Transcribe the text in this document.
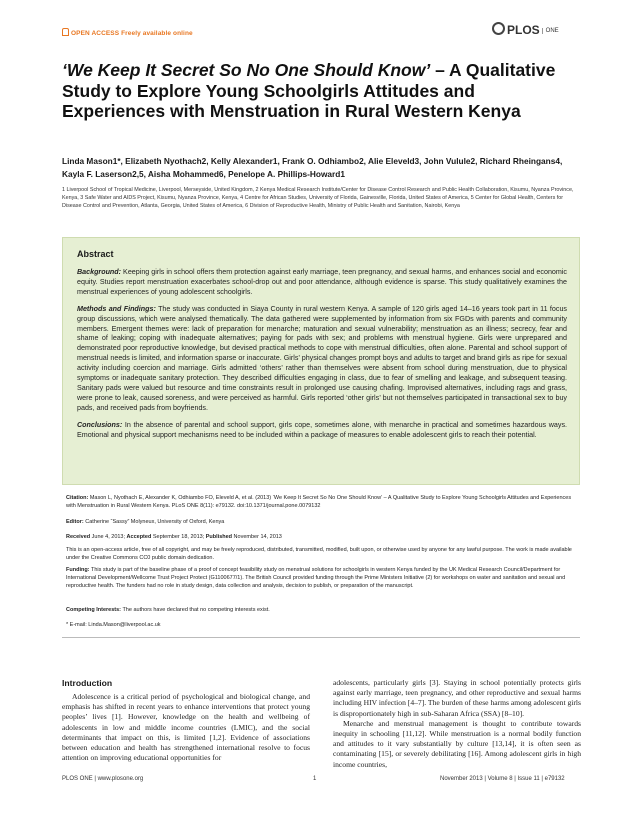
OPEN ACCESS Freely available online	PLOS ONE
‘We Keep It Secret So No One Should Know’ – A Qualitative Study to Explore Young Schoolgirls Attitudes and Experiences with Menstruation in Rural Western Kenya
Linda Mason1*, Elizabeth Nyothach2, Kelly Alexander1, Frank O. Odhiambo2, Alie Eleveld3, John Vulule2, Richard Rheingans4, Kayla F. Laserson2,5, Aisha Mohammed6, Penelope A. Phillips-Howard1
1 Liverpool School of Tropical Medicine, Liverpool, Merseyside, United Kingdom, 2 Kenya Medical Research Institute/Center for Disease Control Research and Public Health Collaboration, Kisumu, Nyanza Province, Kenya, 3 Safe Water and AIDS Project, Kisumu, Nyanza Province, Kenya, 4 Centre for African Studies, University of Florida, Gainesville, Florida, United States of America, 5 Center for Global Health, Centers for Disease Control and Prevention, Atlanta, Georgia, United States of America, 6 Division of Reproductive Health, Ministry of Public Health and Sanitation, Nairobi, Kenya
Abstract

Background: Keeping girls in school offers them protection against early marriage, teen pregnancy, and sexual harms, and enhances social and economic equity. Studies report menstruation exacerbates school-drop out and poor attendance, although evidence is sparse. This study qualitatively examines the menstrual experiences of young adolescent schoolgirls.

Methods and Findings: The study was conducted in Siaya County in rural western Kenya. A sample of 120 girls aged 14–16 years took part in 11 focus group discussions, which were analysed thematically. The data gathered were supplemented by information from six FGDs with parents and community members. Emergent themes were: lack of preparation for menarche; maturation and sexual vulnerability; menstruation as an illness; secrecy, fear and shame of leaking; coping with inadequate alternatives; paying for pads with sex; and problems with menstrual hygiene. Girls were unprepared and demonstrated poor reproductive knowledge, but devised practical methods to cope with menstrual difficulties, often alone. Parental and school support of menstrual needs is limited, and information sparse or inaccurate. Girls’ physical changes prompt boys and adults to target and brand girls as ripe for sexual activity including coercion and marriage. Girls admitted ‘others’ rather than themselves were absent from school during menstruation, due to physical symptoms or inadequate sanitary protection. They described difficulties engaging in class, due to fear of smelling and leakage, and subsequent teasing. Sanitary pads were valued but resource and time constraints result in prolonged use causing chafing. Improvised alternatives, including rags and grass, were prone to leak, caused soreness, and were perceived as harmful. Girls reported ‘other girls’ but not themselves participated in transactional sex to buy pads, and received pads from boyfriends.

Conclusions: In the absence of parental and school support, girls cope, sometimes alone, with menarche in practical and sometimes hazardous ways. Emotional and physical support mechanisms need to be included within a package of measures to enable adolescent girls to reach their potential.

Citation: Mason L, Nyothach E, Alexander K, Odhiambo FO, Eleveld A, et al. (2013) ‘We Keep It Secret So No One Should Know’ – A Qualitative Study to Explore Young Schoolgirls Attitudes and Experiences with Menstruation in Rural Western Kenya. PLoS ONE 8(11): e79132. doi:10.1371/journal.pone.0079132
Editor: Catherine “Sassy” Molyneux, University of Oxford, Kenya
Received June 4, 2013; Accepted September 18, 2013; Published November 14, 2013
This is an open-access article, free of all copyright, and may be freely reproduced, distributed, transmitted, modified, built upon, or otherwise used by anyone for any lawful purpose. The work is made available under the Creative Commons CC0 public domain dedication.
Funding: This study is part of the baseline phase of a proof of concept feasibility study on menstrual solutions for schoolgirls in western Kenya funded by the UK Medical Research Council/Department for International Development/Wellcome Trust Project Protect (G1100677/1). The British Council provided funding through the Prime Ministers Initiative (2) for workshops on water and sanitation and sexual and reproductive health. The funders had no role in study design, data collection and analysis, decision to publish, or preparation of the manuscript.
Competing Interests: The authors have declared that no competing interests exist.
* E-mail: Linda.Mason@liverpool.ac.uk
Introduction

Adolescence is a critical period of psychological and biological change, and emphasis has shifted in recent years to enhance interventions that protect young peoples’ lives [1]. However, knowledge on the health and wellbeing of adolescents in low and middle income countries (LMIC), and the social determinants that impact on this, is limited [1,2]. Evidence of associations between education and health has strengthened international resolve to focus attention on improving educational opportunities for

adolescents, particularly girls [3]. Staying in school potentially protects girls against early marriage, teen pregnancy, and other reproductive and sexual harms including HIV infection [4–7]. The burden of these harms among adolescent girls is disproportionately high in sub-Saharan Africa (SSA) [8–10].

Menarche and menstrual management is thought to contribute towards inequity in schooling [11,12]. While menstruation is a normal bodily function and attitudes to it vary substantially by culture [13,14], it is often seen as contaminating [15], or severely debilitating [16]. Among adolescent girls in high income countries,

PLOS ONE | www.plosone.org	1	November 2013 | Volume 8 | Issue 11 | e79132
